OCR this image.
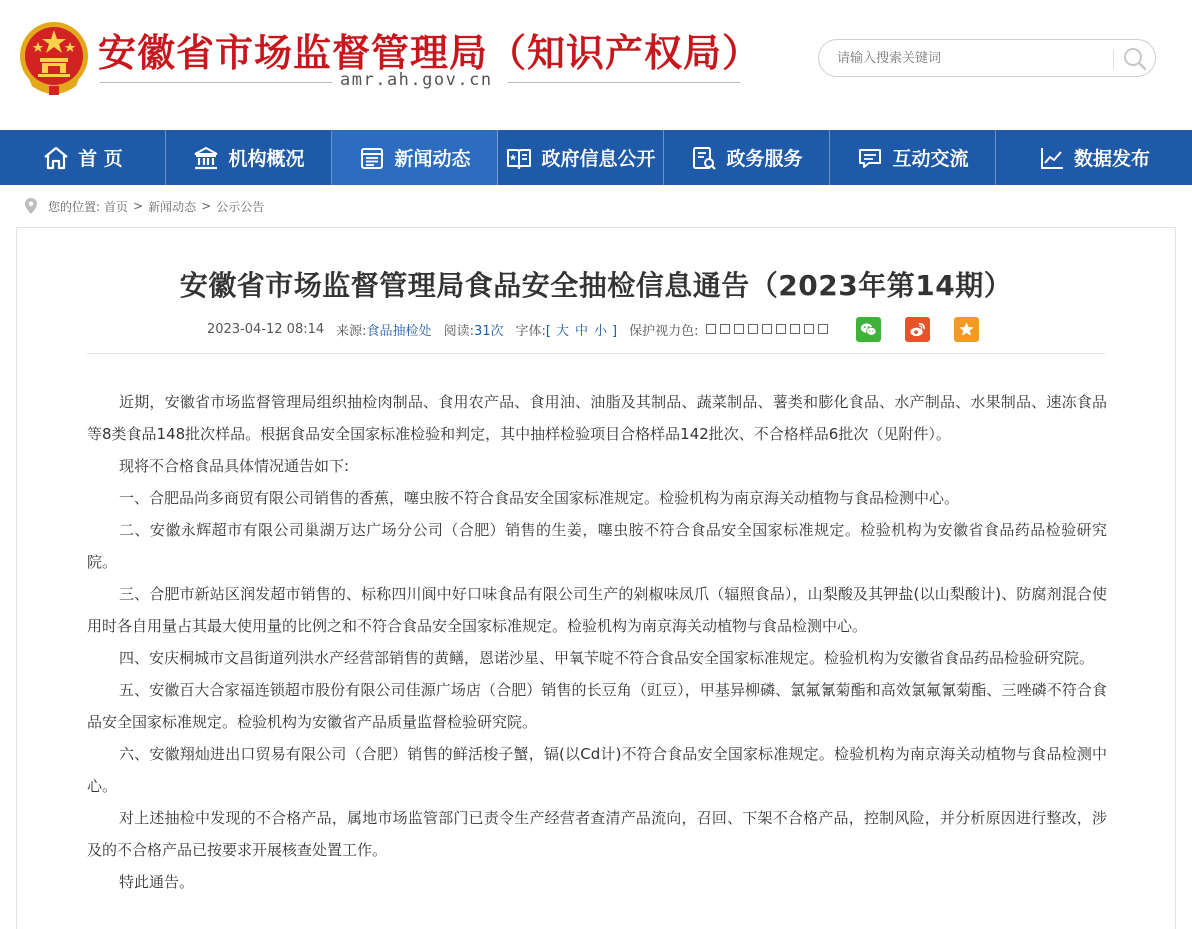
安徽省市场监督管理局（知识产权局）
amr.ah.gov.cn
请输入搜索关键词
首 页	机构概况	新闻动态	政府信息公开	政务服务	互动交流	数据发布
您的位置: 首页 > 新闻动态 > 公示公告
安徽省市场监督管理局食品安全抽检信息通告（2023年第14期）
2023-04-12 08:14 来源: 食品抽检处 阅读: 31次 字体: [ 大 中 小 ] 保护视力色:

近期，安徽省市场监督管理局组织抽检肉制品、食用农产品、食用油、油脂及其制品、蔬菜制品、薯类和膨化食品、水产制品、水果制品、速冻食品等8类食品148批次样品。根据食品安全国家标准检验和判定，其中抽样检验项目合格样品142批次、不合格样品6批次（见附件）。

现将不合格食品具体情况通告如下:

一、合肥品尚多商贸有限公司销售的香蕉，噻虫胺不符合食品安全国家标准规定。检验机构为南京海关动植物与食品检测中心。

二、安徽永辉超市有限公司巢湖万达广场分公司（合肥）销售的生姜，噻虫胺不符合食品安全国家标准规定。检验机构为安徽省食品药品检验研究院。

三、合肥市新站区润发超市销售的、标称四川阆中好口味食品有限公司生产的剁椒味凤爪（辐照食品），山梨酸及其钾盐(以山梨酸计)、防腐剂混合使用时各自用量占其最大使用量的比例之和不符合食品安全国家标准规定。检验机构为南京海关动植物与食品检测中心。

四、安庆桐城市文昌街道列洪水产经营部销售的黄鳝，恩诺沙星、甲氧苄啶不符合食品安全国家标准规定。检验机构为安徽省食品药品检验研究院。

五、安徽百大合家福连锁超市股份有限公司佳源广场店（合肥）销售的长豆角（豇豆），甲基异柳磷、氯氟氰菊酯和高效氯氟氰菊酯、三唑磷不符合食品安全国家标准规定。检验机构为安徽省产品质量监督检验研究院。

六、安徽翔灿进出口贸易有限公司（合肥）销售的鲜活梭子蟹，镉(以Cd计)不符合食品安全国家标准规定。检验机构为南京海关动植物与食品检测中心。

对上述抽检中发现的不合格产品，属地市场监管部门已责令生产经营者查清产品流向，召回、下架不合格产品，控制风险，并分析原因进行整改，涉及的不合格产品已按要求开展核查处置工作。

特此通告。
